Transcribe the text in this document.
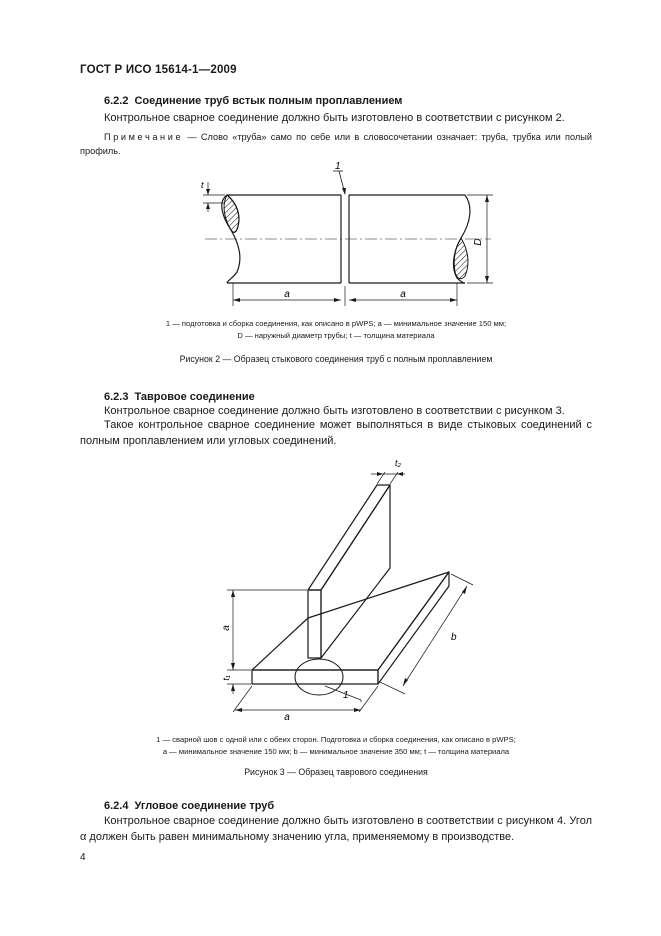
ГОСТ Р ИСО 15614-1—2009
6.2.2 Соединение труб встык полным проплавлением
Контрольное сварное соединение должно быть изготовлено в соответствии с рисунком 2.
Примечание — Слово «труба» само по себе или в словосочетании означает: труба, трубка или полый профиль.
t
D
a	a
1
1 — подготовка и сборка соединения, как описано в pWPS; a — минимальное значение 150 мм;
D — наружный диаметр трубы; t — толщина материала
Рисунок 2 — Образец стыкового соединения труб с полным проплавлением
6.2.3 Тавровое соединение
Контрольное сварное соединение должно быть изготовлено в соответствии с рисунком 3.
Такое контрольное сварное соединение может выполняться в виде стыковых соединений с полным проплавлением или угловых соединений.
a
t₁
a
b
t₂
1
1 — сварной шов с одной или с обеих сторон. Подготовка и сборка соединения, как описано в pWPS;
a — минимальное значение 150 мм; b — минимальное значение 350 мм; t — толщина материала
Рисунок 3 — Образец таврового соединения
6.2.4 Угловое соединение труб
Контрольное сварное соединение должно быть изготовлено в соответствии с рисунком 4. Угол α должен быть равен минимальному значению угла, применяемому в производстве.
4
